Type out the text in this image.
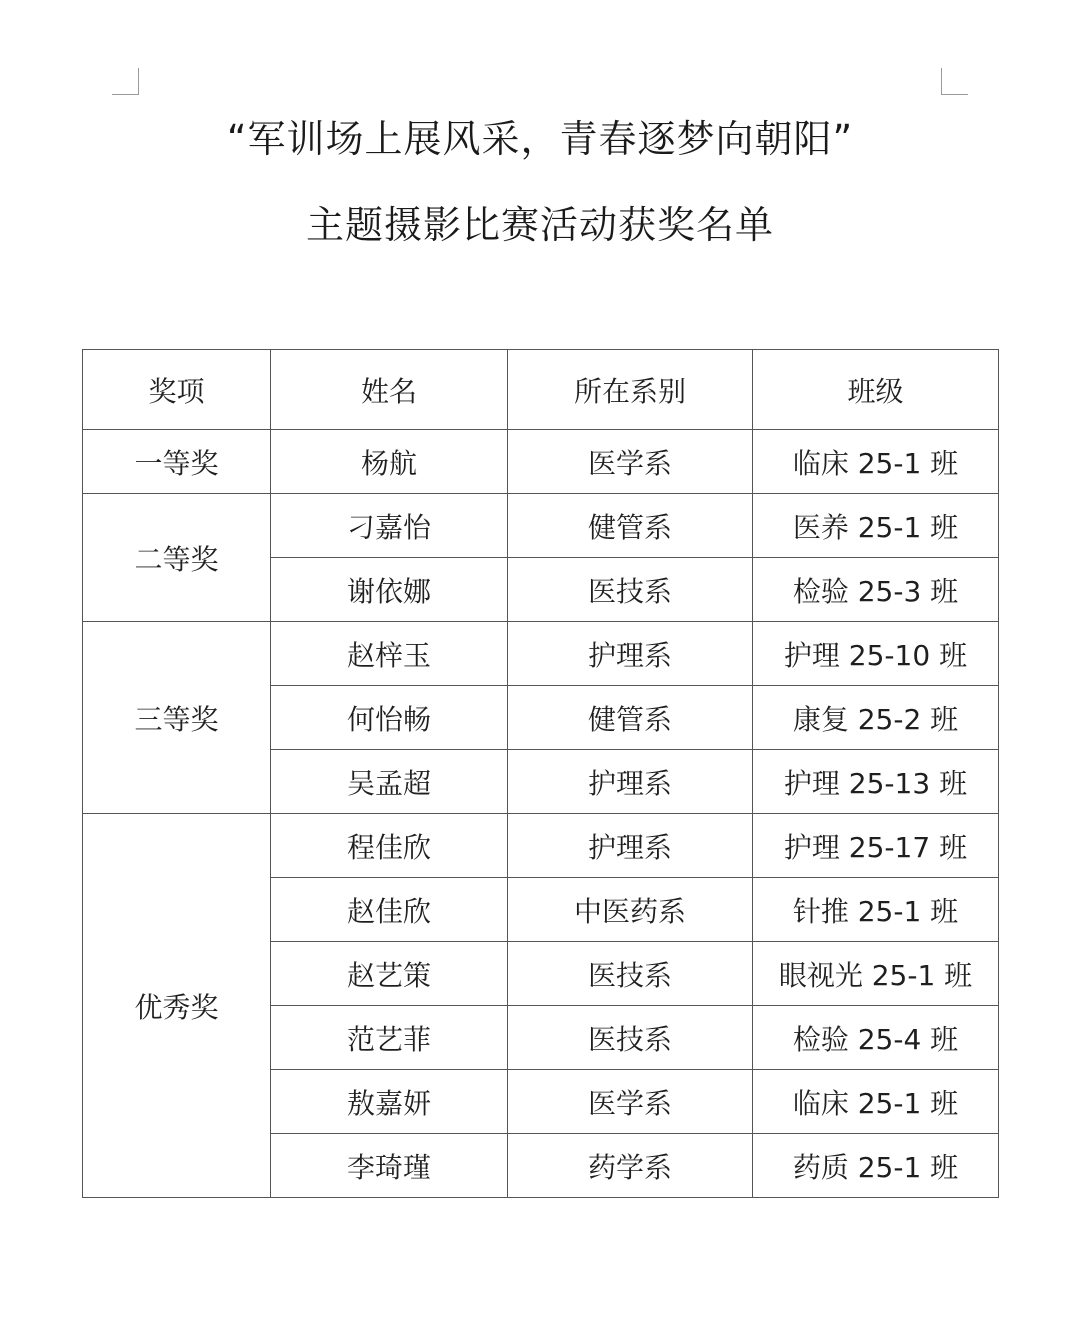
“军训场上展风采，青春逐梦向朝阳”
主题摄影比赛活动获奖名单
奖项	姓名	所在系别	班级
一等奖	杨航	医学系	临床 25-1 班
二等奖	刁嘉怡	健管系	医养 25-1 班
	谢依娜	医技系	检验 25-3 班
三等奖	赵梓玉	护理系	护理 25-10 班
	何怡畅	健管系	康复 25-2 班
	吴孟超	护理系	护理 25-13 班
优秀奖	程佳欣	护理系	护理 25-17 班
	赵佳欣	中医药系	针推 25-1 班
	赵艺策	医技系	眼视光 25-1 班
	范艺菲	医技系	检验 25-4 班
	敖嘉妍	医学系	临床 25-1 班
	李琦瑾	药学系	药质 25-1 班
